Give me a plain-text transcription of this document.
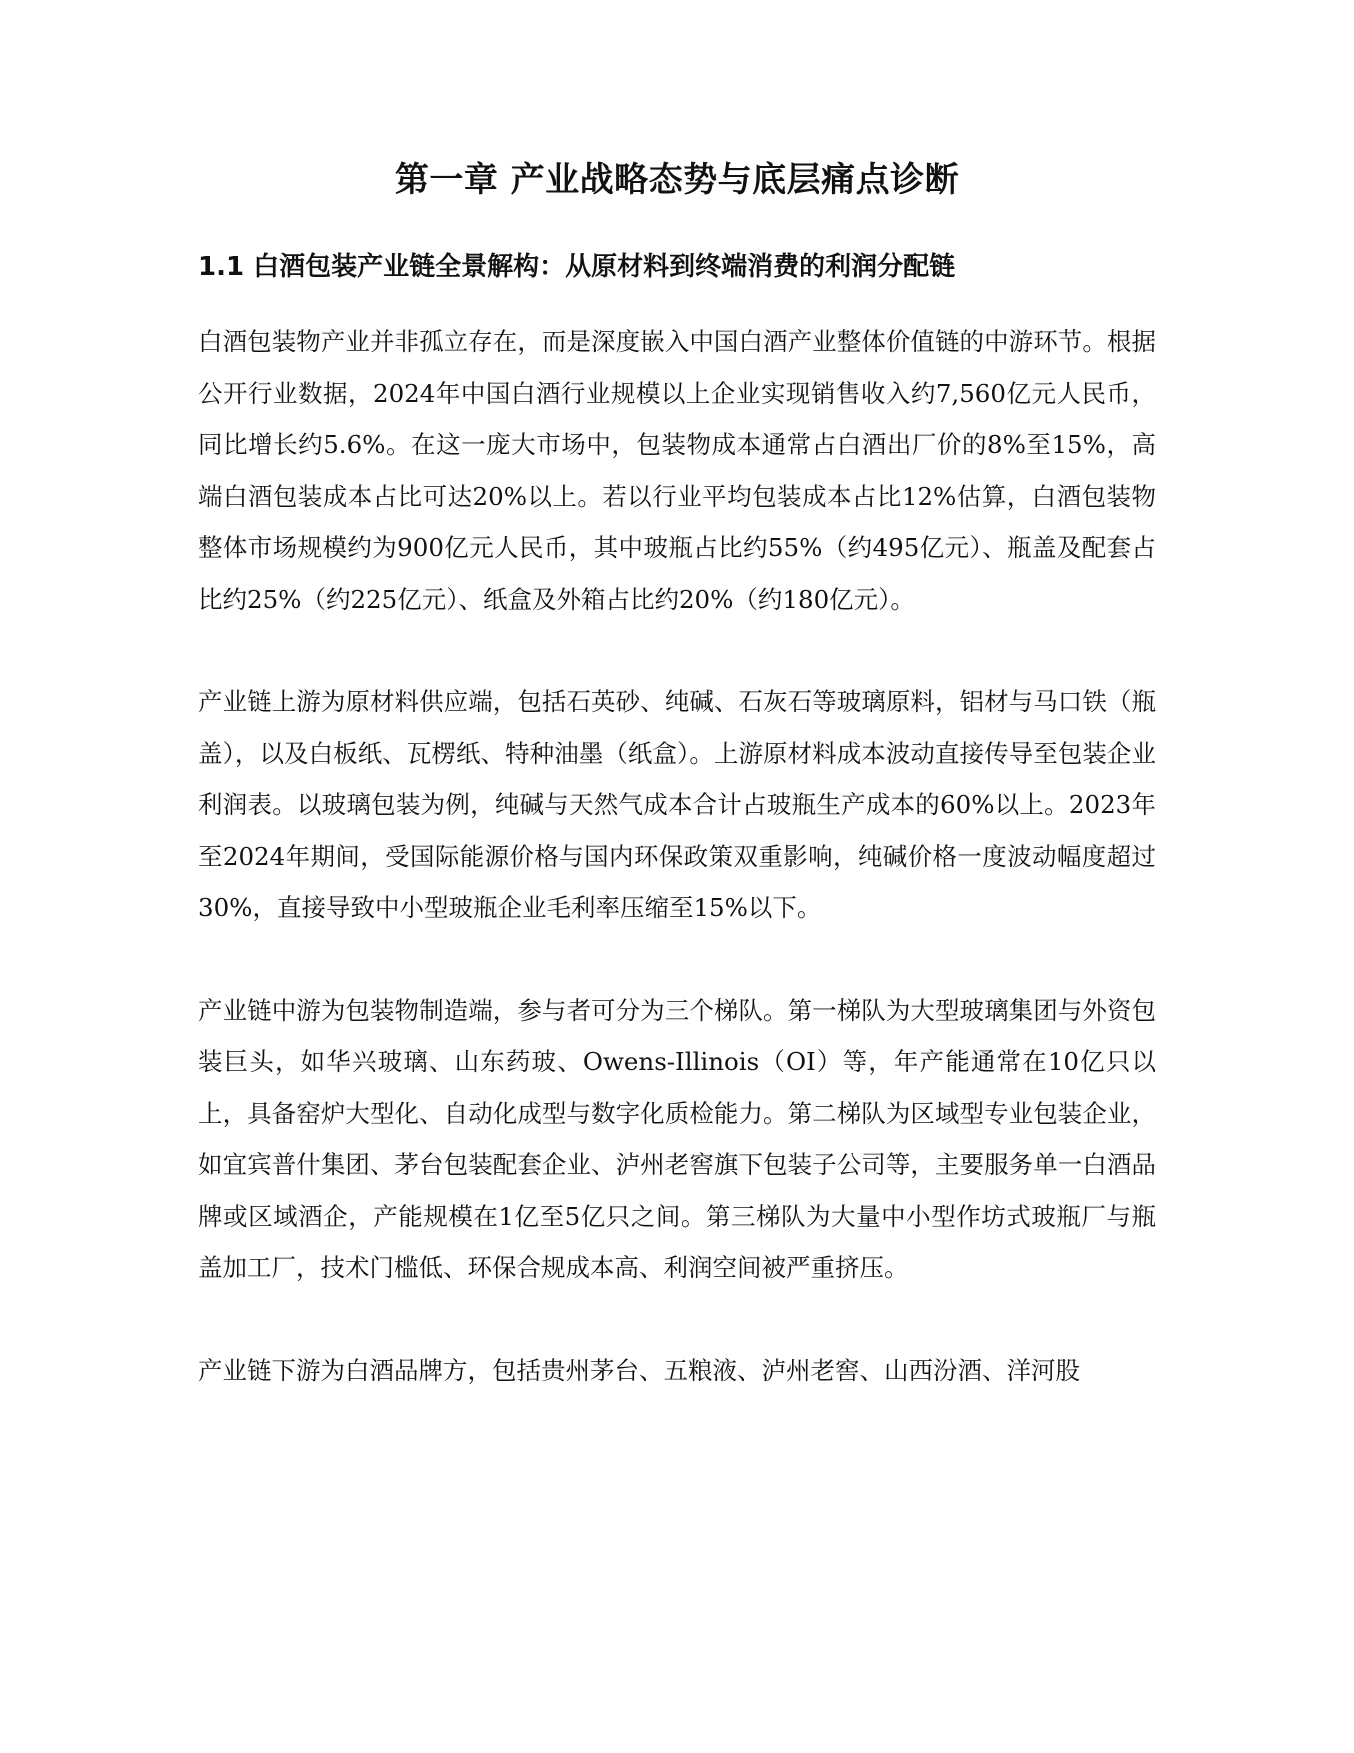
第一章 产业战略态势与底层痛点诊断
1.1 白酒包装产业链全景解构：从原材料到终端消费的利润分配链

白酒包装物产业并非孤立存在，而是深度嵌入中国白酒产业整体价值链的中游环节。根据公开行业数据，2024年中国白酒行业规模以上企业实现销售收入约7,560亿元人民币，同比增长约5.6%。在这一庞大市场中，包装物成本通常占白酒出厂价的8%至15%，高端白酒包装成本占比可达20%以上。若以行业平均包装成本占比12%估算，白酒包装物整体市场规模约为900亿元人民币，其中玻瓶占比约55%（约495亿元）、瓶盖及配套占比约25%（约225亿元）、纸盒及外箱占比约20%（约180亿元）。

产业链上游为原材料供应端，包括石英砂、纯碱、石灰石等玻璃原料，铝材与马口铁（瓶盖），以及白板纸、瓦楞纸、特种油墨（纸盒）。上游原材料成本波动直接传导至包装企业利润表。以玻璃包装为例，纯碱与天然气成本合计占玻瓶生产成本的60%以上。2023年至2024年期间，受国际能源价格与国内环保政策双重影响，纯碱价格一度波动幅度超过30%，直接导致中小型玻瓶企业毛利率压缩至15%以下。

产业链中游为包装物制造端，参与者可分为三个梯队。第一梯队为大型玻璃集团与外资包装巨头，如华兴玻璃、山东药玻、Owens-Illinois（OI）等，年产能通常在10亿只以上，具备窑炉大型化、自动化成型与数字化质检能力。第二梯队为区域型专业包装企业，如宜宾普什集团、茅台包装配套企业、泸州老窖旗下包装子公司等，主要服务单一白酒品牌或区域酒企，产能规模在1亿至5亿只之间。第三梯队为大量中小型作坊式玻瓶厂与瓶盖加工厂，技术门槛低、环保合规成本高、利润空间被严重挤压。

产业链下游为白酒品牌方，包括贵州茅台、五粮液、泸州老窖、山西汾酒、洋河股
